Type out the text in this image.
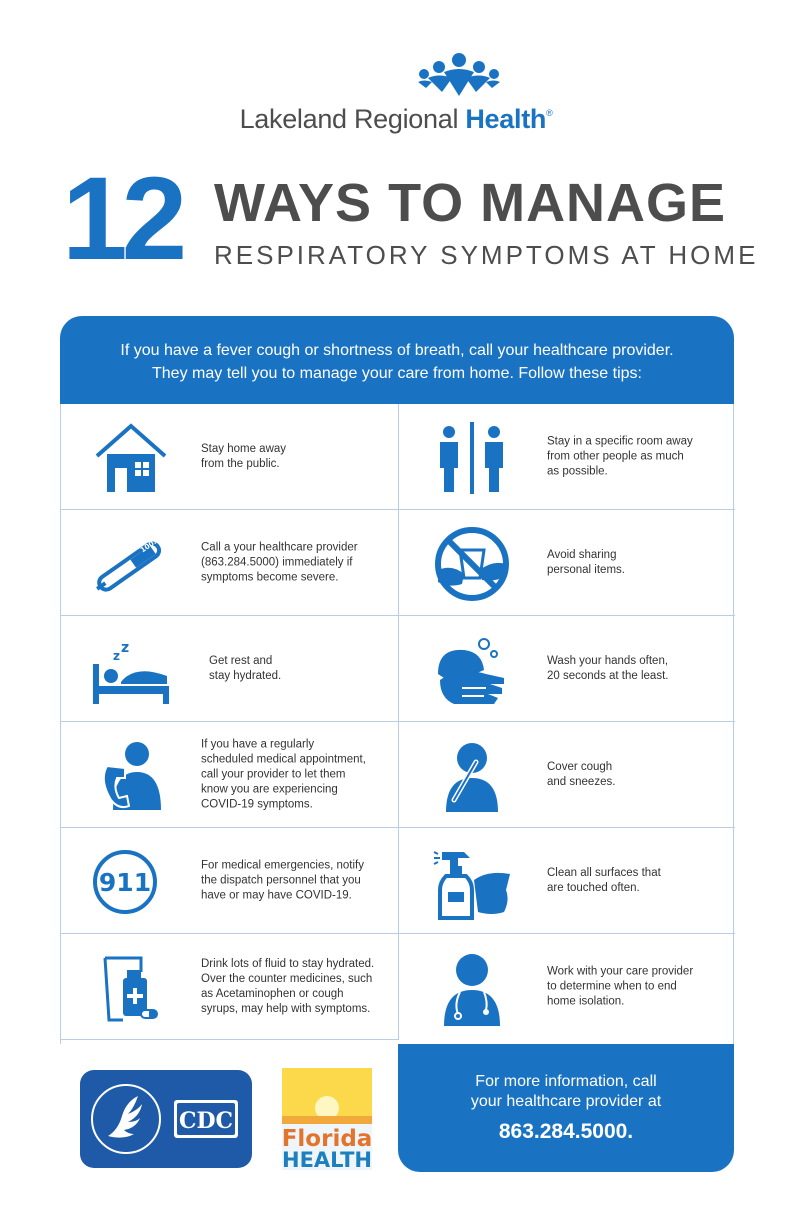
Lakeland Regional Health®
12 WAYS TO MANAGE
RESPIRATORY SYMPTOMS AT HOME
If you have a fever cough or shortness of breath, call your healthcare provider.
They may tell you to manage your care from home. Follow these tips:
Stay home away
from the public.
Stay in a specific room away
from other people as much
as possible.
100.5	Call a your healthcare provider
(863.284.5000) immediately if
symptoms become severe.
Avoid sharing
personal items.
z z
Get rest and
stay hydrated.
Wash your hands often,
20 seconds at the least.
If you have a regularly
scheduled medical appointment,
call your provider to let them
know you are experiencing
COVID-19 symptoms.
Cover cough
and sneezes.
911
For medical emergencies, notify
the dispatch personnel that you
have or may have COVID-19.
Clean all surfaces that
are touched often.
Drink lots of fluid to stay hydrated.
Over the counter medicines, such
as Acetaminophen or cough
syrups, may help with symptoms.
Work with your care provider
to determine when to end
home isolation.
CDC
Florida
HEALTH
For more information, call
your healthcare provider at
863.284.5000.
